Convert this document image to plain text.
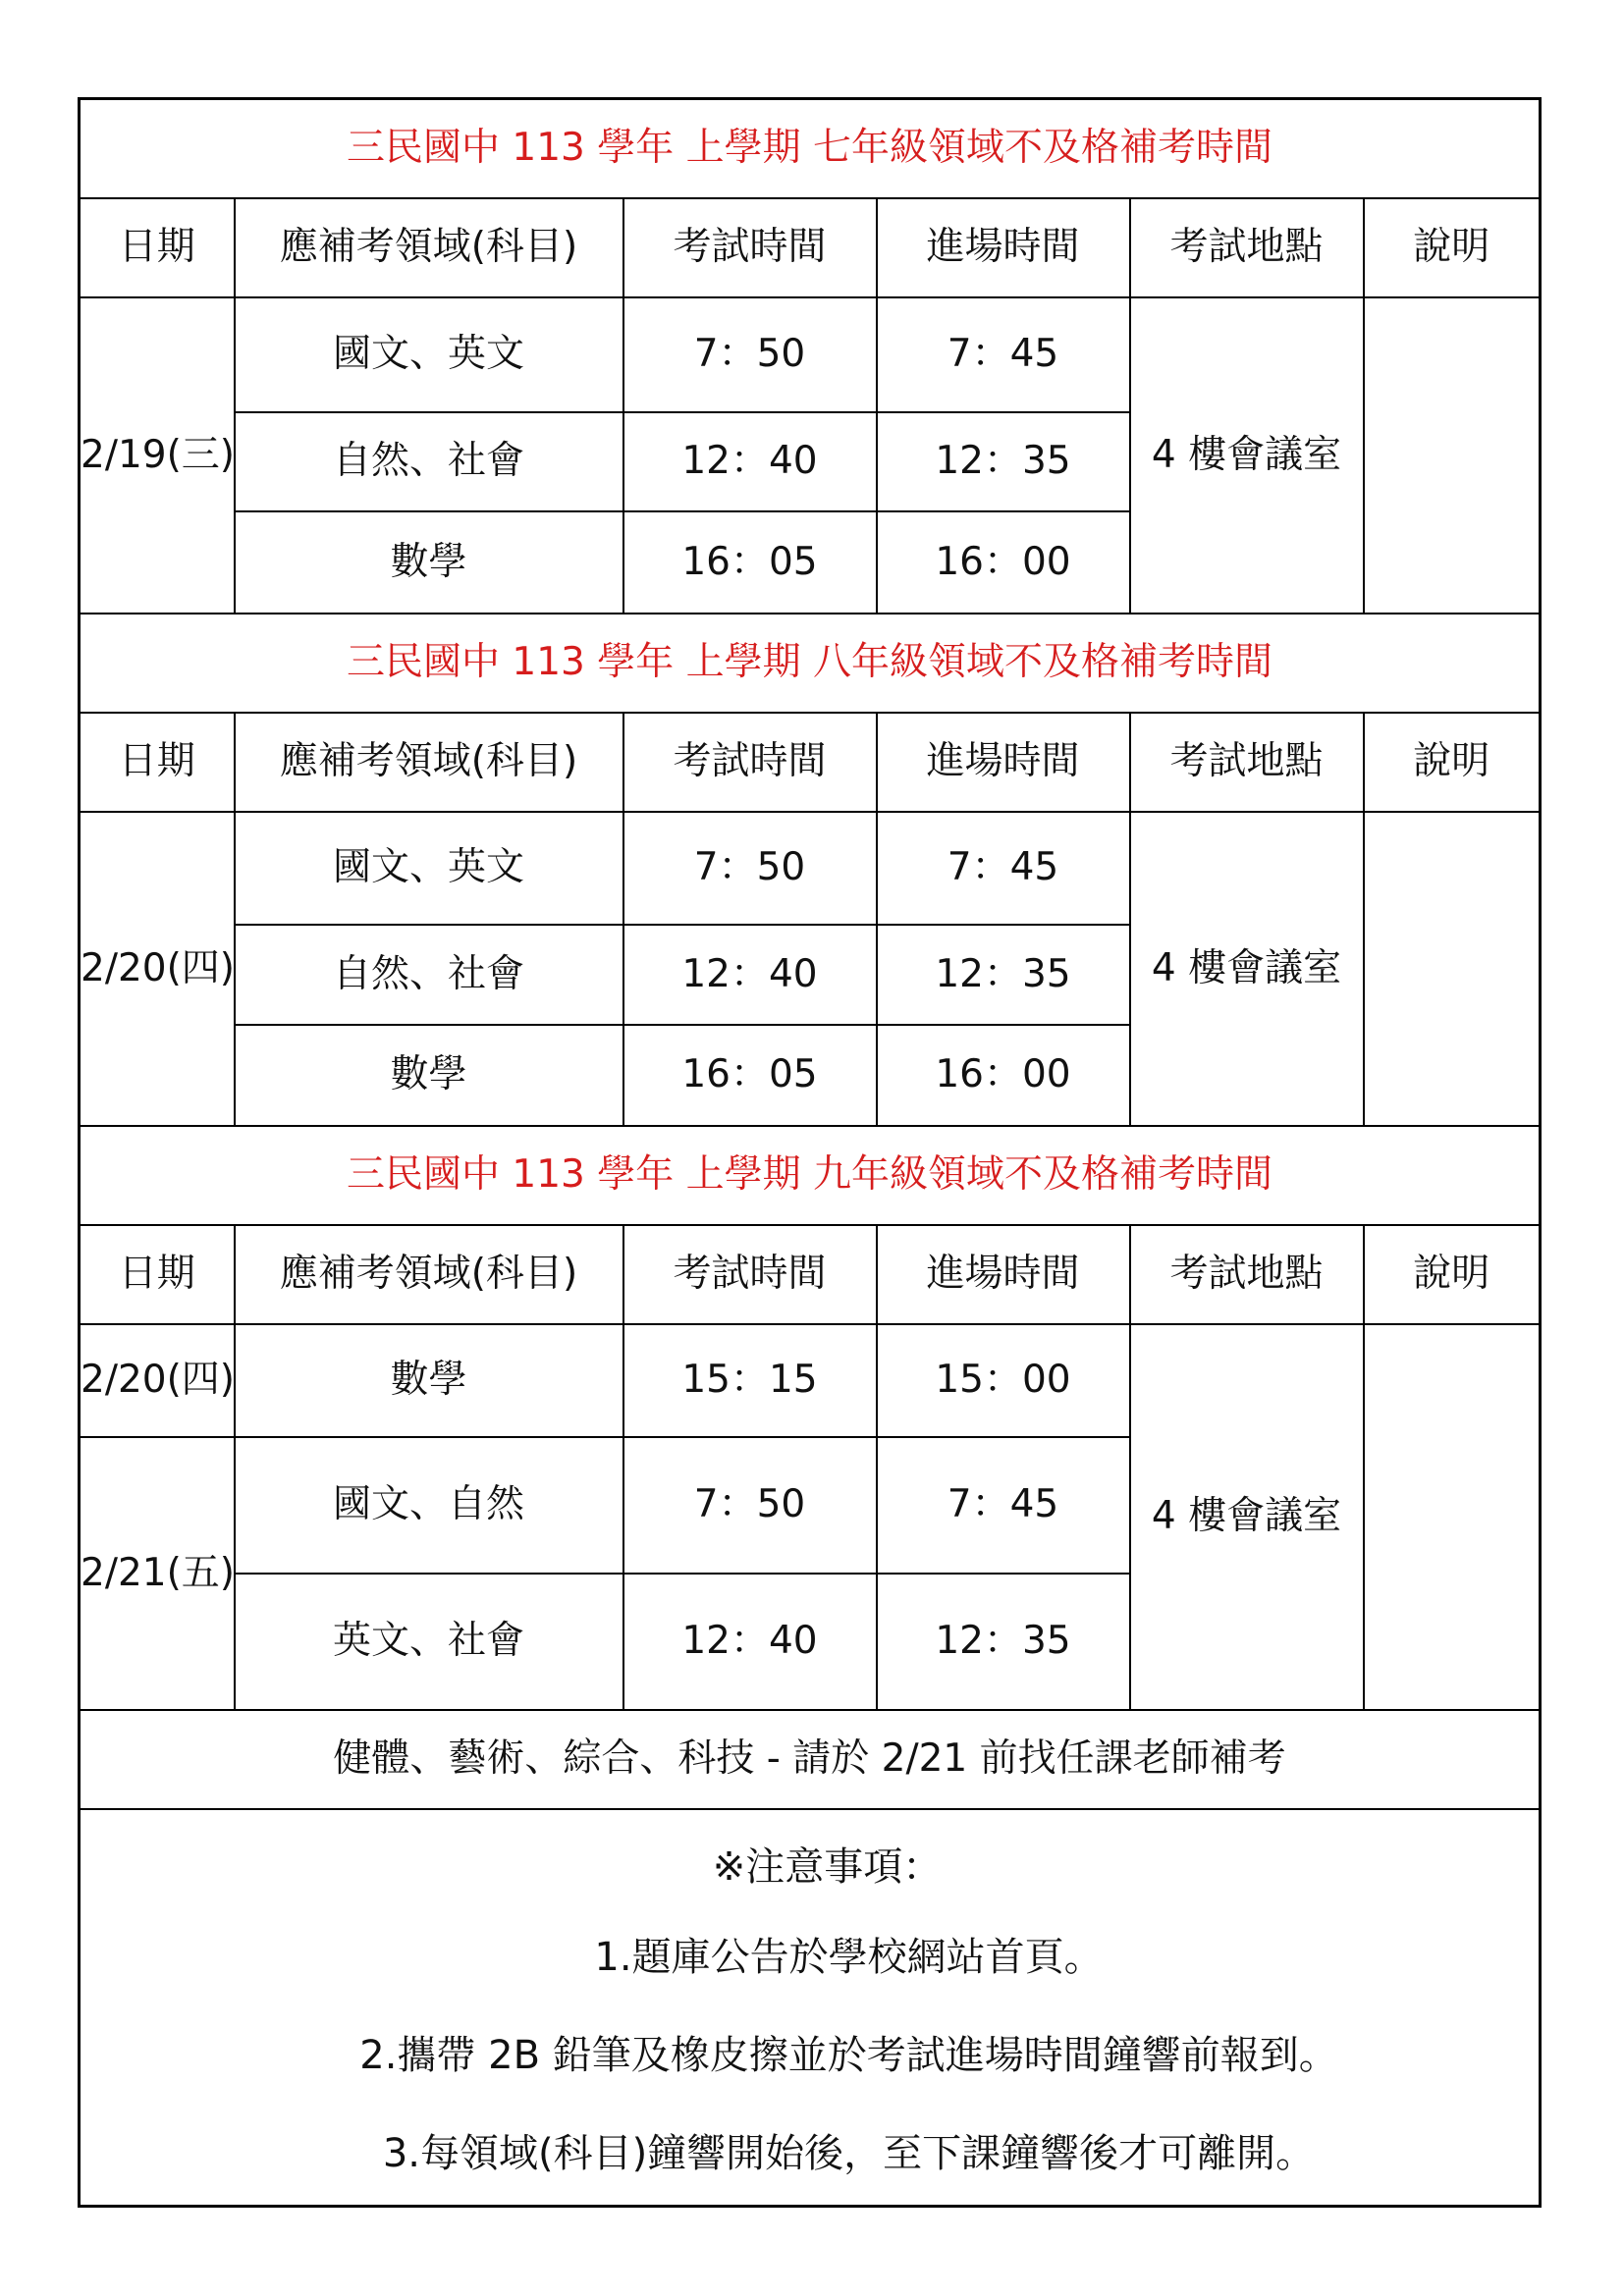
三民國中 113 學年 上學期 七年級領域不及格補考時間					
日期	應補考領域(科目)	考試時間	進場時間	考試地點	說明
2/19(三)	國文、英文	7：50	7：45	4 樓會議室	
	自然、社會	12：40	12：35		
	數學	16：05	16：00		
三民國中 113 學年 上學期 八年級領域不及格補考時間					
日期	應補考領域(科目)	考試時間	進場時間	考試地點	說明
2/20(四)	國文、英文	7：50	7：45	4 樓會議室	
	自然、社會	12：40	12：35		
	數學	16：05	16：00		
三民國中 113 學年 上學期 九年級領域不及格補考時間					
日期	應補考領域(科目)	考試時間	進場時間	考試地點	說明
2/20(四)	數學	15：15	15：00	4 樓會議室	
2/21(五)	國文、自然	7：50	7：45		
	英文、社會	12：40	12：35		
健體、藝術、綜合、科技 - 請於 2/21 前找任課老師補考					

※注意事項：
1.題庫公告於學校網站首頁。
2.攜帶 2B 鉛筆及橡皮擦並於考試進場時間鐘響前報到。
3.每領域(科目)鐘響開始後，至下課鐘響後才可離開。					
